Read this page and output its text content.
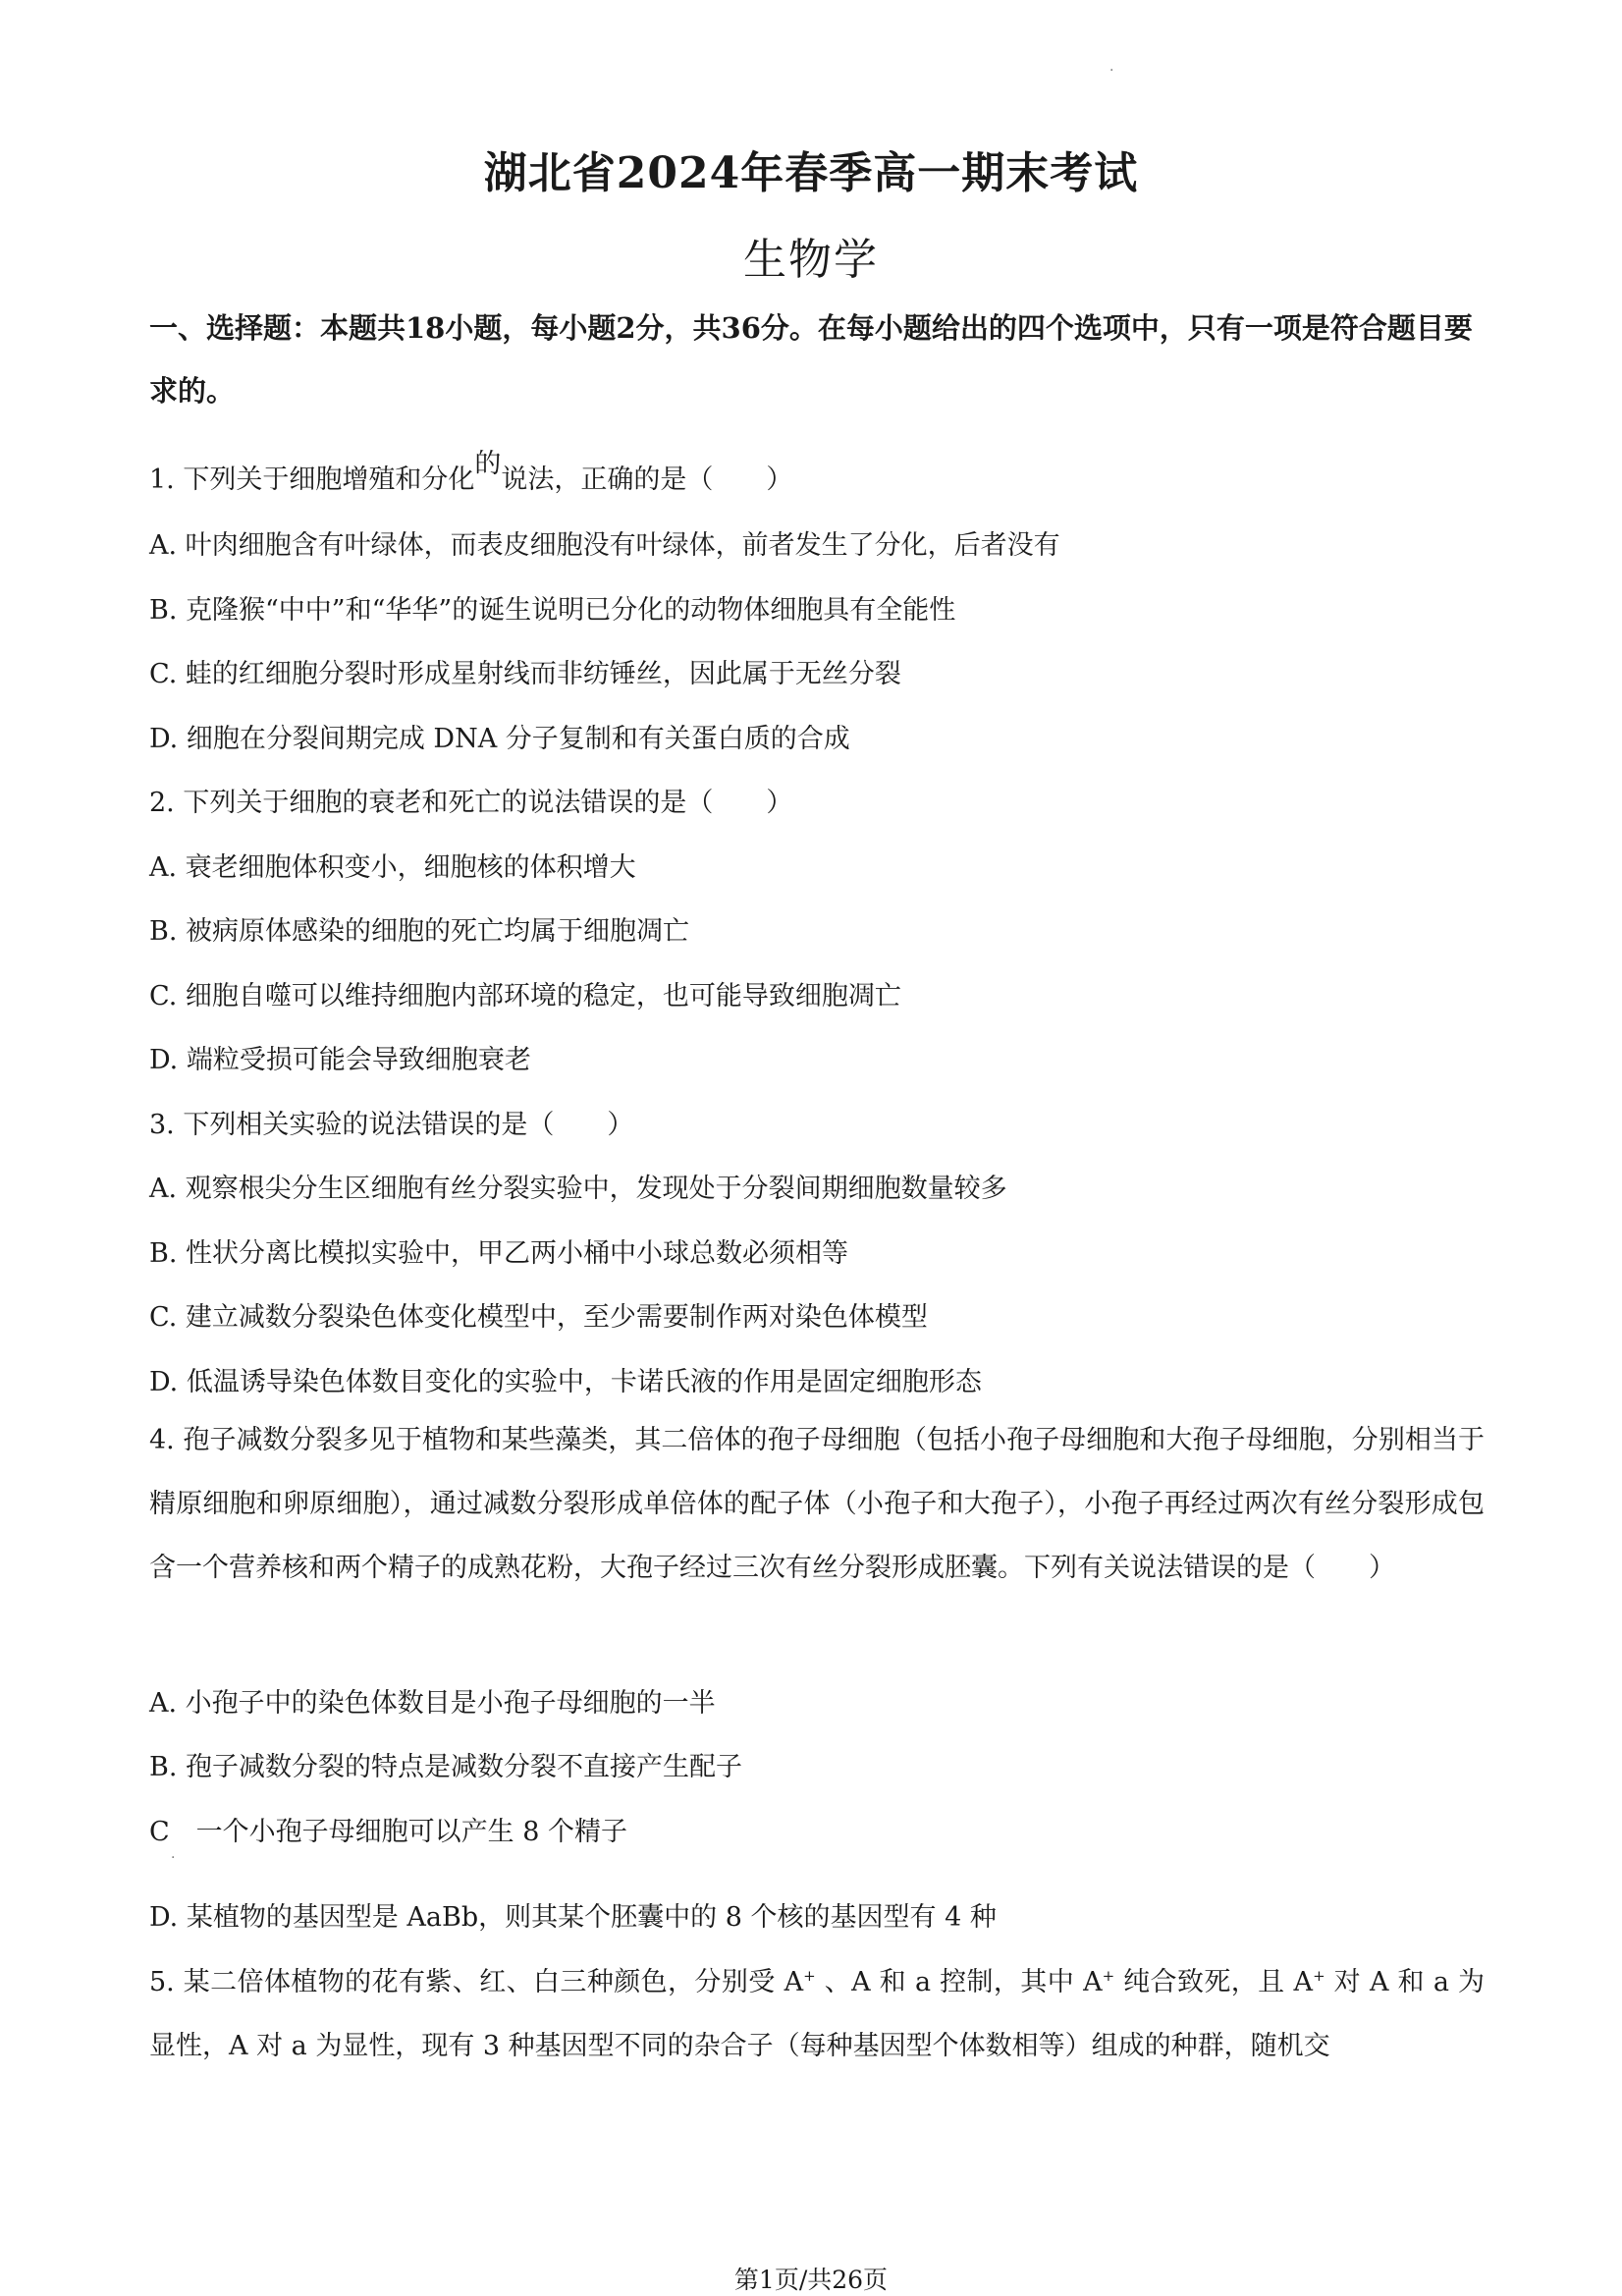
·
湖北省2024年春季高一期末考试
生物学
一、选择题：本题共18小题，每小题2分，共36分。在每小题给出的四个选项中，只有一项是符合题目要求的。
1. 下列关于细胞增殖和分化的说法，正确的是（　　）
A. 叶肉细胞含有叶绿体，而表皮细胞没有叶绿体，前者发生了分化，后者没有
B. 克隆猴“中中”和“华华”的诞生说明已分化的动物体细胞具有全能性
C. 蛙的红细胞分裂时形成星射线而非纺锤丝，因此属于无丝分裂
D. 细胞在分裂间期完成 DNA 分子复制和有关蛋白质的合成
2. 下列关于细胞的衰老和死亡的说法错误的是（　　）
A. 衰老细胞体积变小，细胞核的体积增大
B. 被病原体感染的细胞的死亡均属于细胞凋亡
C. 细胞自噬可以维持细胞内部环境的稳定，也可能导致细胞凋亡
D. 端粒受损可能会导致细胞衰老
3. 下列相关实验的说法错误的是（　　）
A. 观察根尖分生区细胞有丝分裂实验中，发现处于分裂间期细胞数量较多
B. 性状分离比模拟实验中，甲乙两小桶中小球总数必须相等
C. 建立减数分裂染色体变化模型中，至少需要制作两对染色体模型
D. 低温诱导染色体数目变化的实验中，卡诺氏液的作用是固定细胞形态
4. 孢子减数分裂多见于植物和某些藻类，其二倍体的孢子母细胞（包括小孢子母细胞和大孢子母细胞，分别相当于精原细胞和卵原细胞），通过减数分裂形成单倍体的配子体（小孢子和大孢子），小孢子再经过两次有丝分裂形成包含一个营养核和两个精子的成熟花粉，大孢子经过三次有丝分裂形成胚囊。下列有关说法错误的是（　　）
A. 小孢子中的染色体数目是小孢子母细胞的一半
B. 孢子减数分裂的特点是减数分裂不直接产生配子
C　一个小孢子母细胞可以产生 8 个精子
·
D. 某植物的基因型是 AaBb，则其某个胚囊中的 8 个核的基因型有 4 种
5. 某二倍体植物的花有紫、红、白三种颜色，分别受 A+ 、A 和 a 控制，其中 A+ 纯合致死，且 A+ 对 A 和 a 为显性，A 对 a 为显性，现有 3 种基因型不同的杂合子（每种基因型个体数相等）组成的种群，随机交
第1页/共26页
